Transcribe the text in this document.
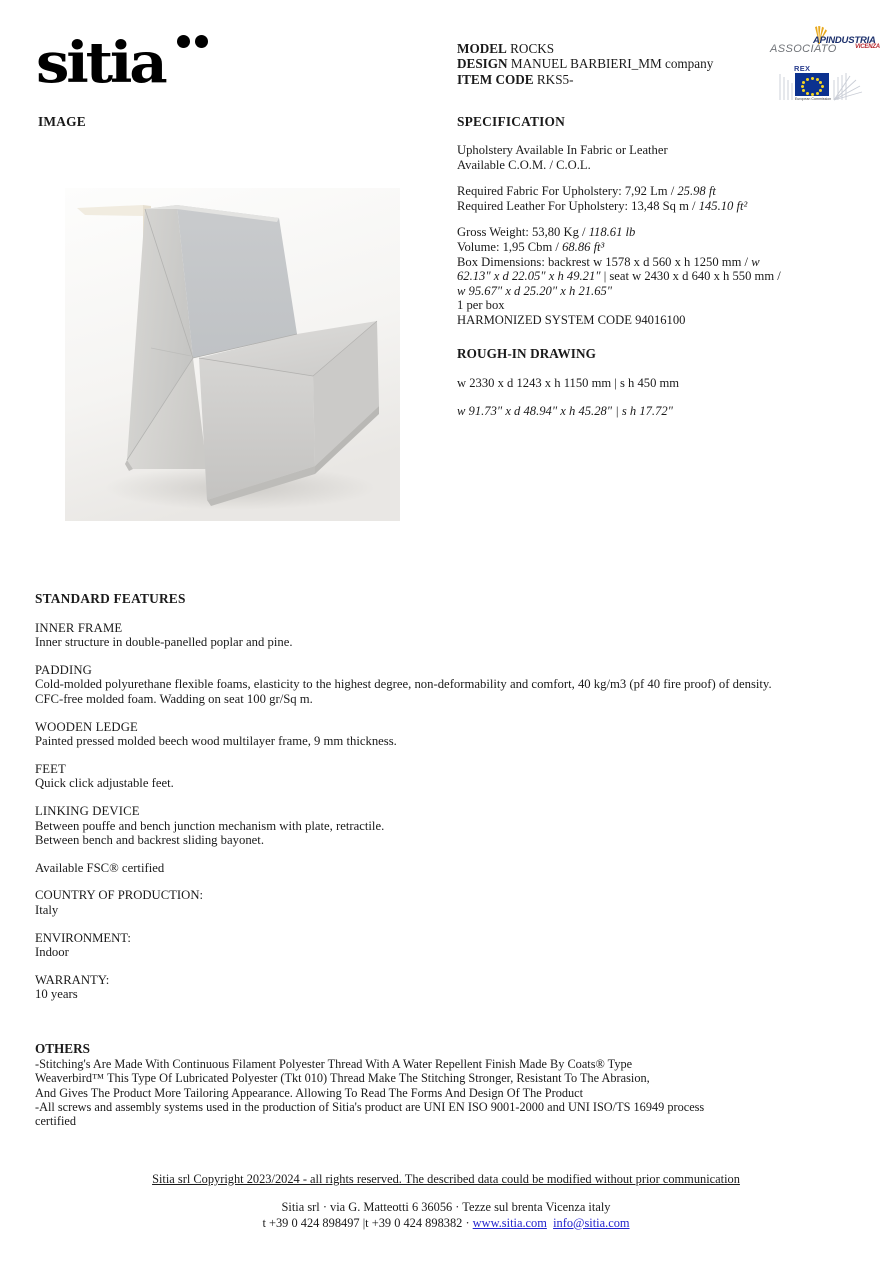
sitia	MODEL ROCKS
DESIGN MANUEL BARBIERI_MM company
ITEM CODE RKS5-
APINDUSTRIA
VICENZA
ASSOCIATO
REX
European Commission
IMAGE	SPECIFICATION

Upholstery Available In Fabric or Leather
Available C.O.M. / C.O.L.

Required Fabric For Upholstery: 7,92 Lm / 25.98 ft
Required Leather For Upholstery: 13,48 Sq m / 145.10 ft²

Gross Weight: 53,80 Kg / 118.61 lb
Volume: 1,95 Cbm / 68.86 ft³
Box Dimensions: backrest w 1578 x d 560 x h 1250 mm / w 62.13" x d 22.05" x h 49.21" | seat w 2430 x d 640 x h 550 mm / w 95.67" x d 25.20" x h 21.65"
1 per box
HARMONIZED SYSTEM CODE 94016100

ROUGH-IN DRAWING
w 2330 x d 1243 x h 1150 mm | s h 450 mm
w 91.73" x d 48.94" x h 45.28" | s h 17.72"
STANDARD FEATURES
INNER FRAME
Inner structure in double-panelled poplar and pine.
PADDING
Cold-molded polyurethane flexible foams, elasticity to the highest degree, non-deformability and comfort, 40 kg/m3 (pf 40 fire proof) of density.
CFC-free molded foam. Wadding on seat 100 gr/Sq m.
WOODEN LEDGE
Painted pressed molded beech wood multilayer frame, 9 mm thickness.
FEET
Quick click adjustable feet.
LINKING DEVICE
Between pouffe and bench junction mechanism with plate, retractile.
Between bench and backrest sliding bayonet.
Available FSC® certified
COUNTRY OF PRODUCTION:
Italy
ENVIRONMENT:
Indoor
WARRANTY:
10 years
OTHERS

-Stitching's Are Made With Continuous Filament Polyester Thread With A Water Repellent Finish Made By Coats® Type

Weaverbird™ This Type Of Lubricated Polyester (Tkt 010) Thread Make The Stitching Stronger, Resistant To The Abrasion,

And Gives The Product More Tailoring Appearance. Allowing To Read The Forms And Design Of The Product

-All screws and assembly systems used in the production of Sitia's product are UNI EN ISO 9001-2000 and UNI ISO/TS 16949 process

certified

Sitia srl Copyright 2023/2024 - all rights reserved. The described data could be modified without prior communication
Sitia srl · via G. Matteotti 6 36056 · Tezze sul brenta Vicenza italy
t +39 0 424 898497 |t +39 0 424 898382 · www.sitia.com info@sitia.com
